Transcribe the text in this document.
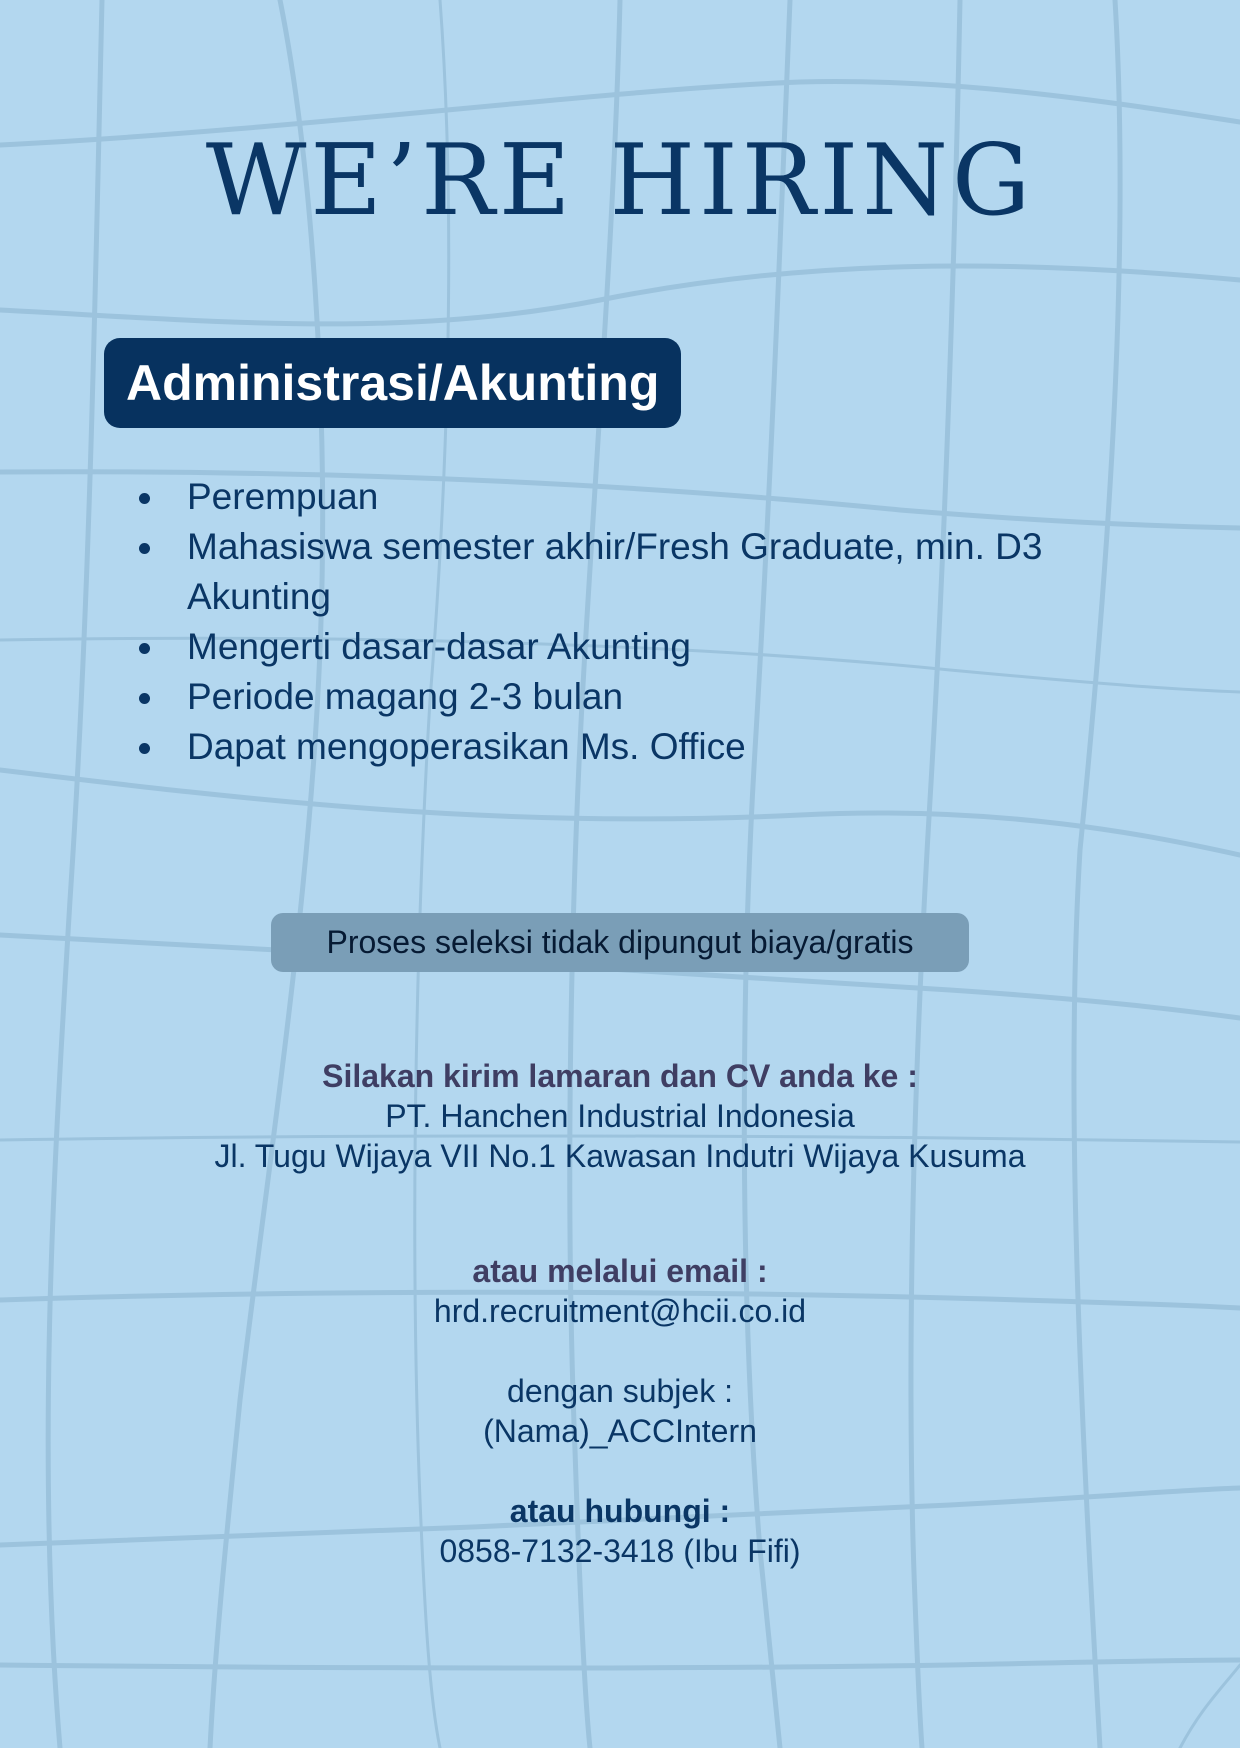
WE’RE HIRING
Administrasi/Akunting
Perempuan
Mahasiswa semester akhir/Fresh Graduate, min. D3 Akunting
Mengerti dasar-dasar Akunting
Periode magang 2-3 bulan
Dapat mengoperasikan Ms. Office
Proses seleksi tidak dipungut biaya/gratis
Silakan kirim lamaran dan CV anda ke :
PT. Hanchen Industrial Indonesia
Jl. Tugu Wijaya VII No.1 Kawasan Indutri Wijaya Kusuma
atau melalui email :
hrd.recruitment@hcii.co.id
dengan subjek :
(Nama)_ACCIntern
atau hubungi :
0858-7132-3418 (Ibu Fifi)
